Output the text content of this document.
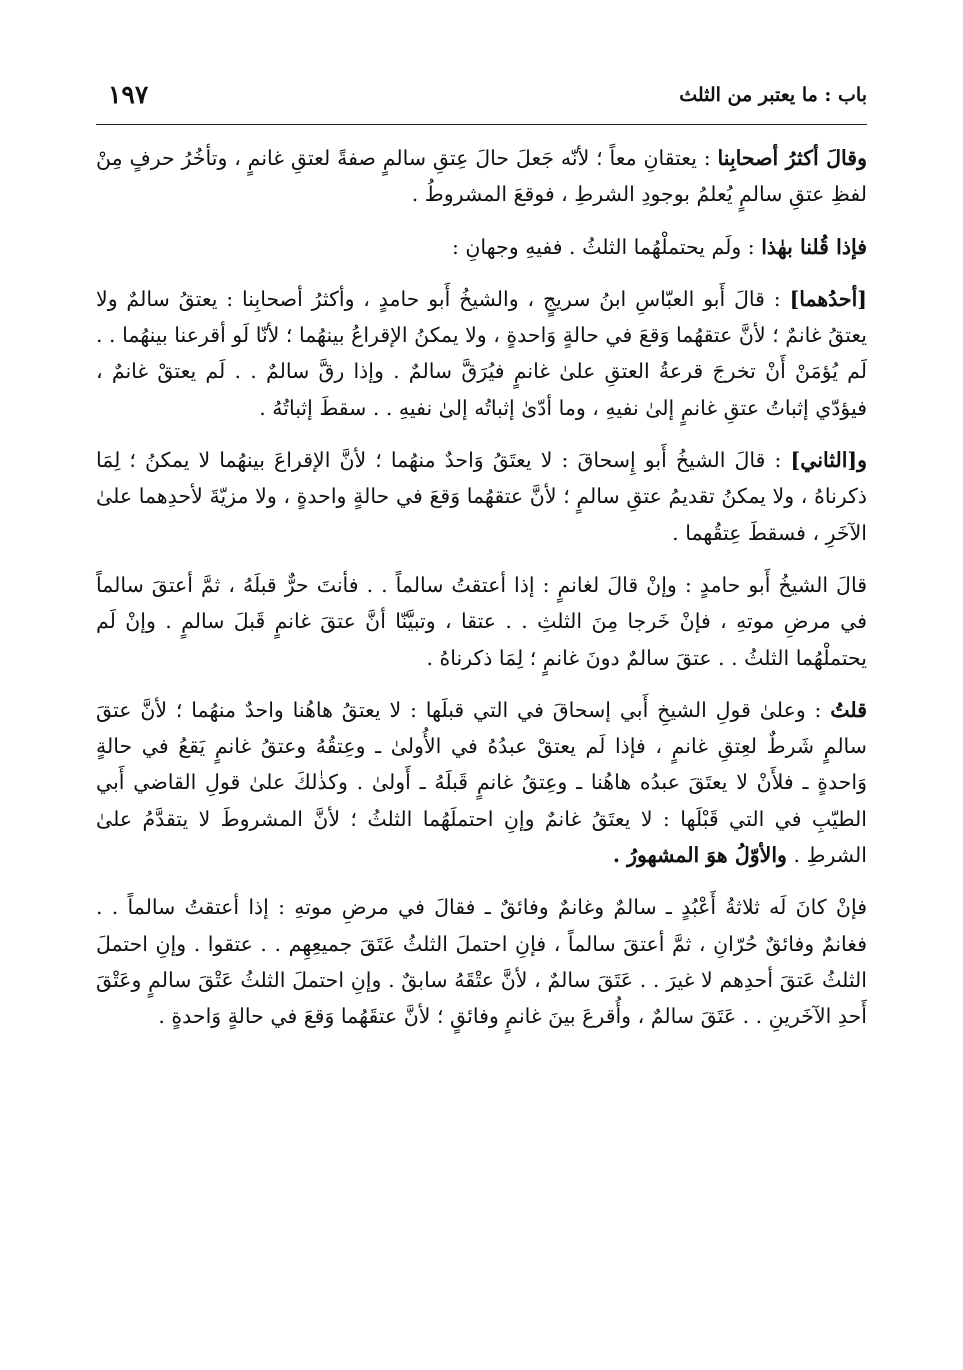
باب : ما يعتبر من الثلث
١٩٧

وقالَ أكثرُ أصحابِنا : يعتقانِ معاً ؛ لأنّه جَعلَ حالَ عِتقِ سالمٍ صفةً لعتقِ غانمٍ ، وتأخُرُ حرفٍ مِنْ لفظِ عتقِ سالمٍ يُعلمُ بوجودِ الشرطِ ، فوقعَ المشروطُ .

فإذا قُلنا بهٰذا : ولَم يحتملْهُما الثلثُ . ففيهِ وجهانِ :

[أحدُهما] : قالَ أَبو العبّاسِ ابنُ سريجٍ ، والشيخُ أَبو حامدٍ ، وأكثرُ أصحابِنا : يعتقُ سالمٌ ولا يعتقُ غانمٌ ؛ لأنَّ عتقهُما وَقعَ في حالةٍ وَاحدةٍ ، ولا يمكنُ الإقراعُ بينهُما ؛ لأنّا لَو أقرعنا بينهُما . . لَم يُؤمَنْ أَنْ تخرجَ قرعةُ العتقِ علىٰ غانمٍ فيُرَقَّ سالمٌ . وإذا رقَّ سالمٌ . . لَم يعتقْ غانمٌ ، فيؤدّي إثباتُ عتقِ غانمٍ إلىٰ نفيهِ ، وما أدّىٰ إثباتُه إلىٰ نفيهِ . . سقطَ إثباتُهُ .

و[الثاني] : قالَ الشيخُ أَبو إِسحاقَ : لا يعتَقُ وَاحدٌ منهُما ؛ لأنَّ الإقراعَ بينهُما لا يمكنُ ؛ لِمَا ذكرناهُ ، ولا يمكنُ تقديمُ عتقِ سالمٍ ؛ لأنَّ عتقهُما وَقعَ في حالةٍ واحدةٍ ، ولا مزيّةَ لأحدِهما علىٰ الآخَرِ ، فسقطَ عِتقُهما .

قالَ الشيخُ أَبو حامدٍ : وإنْ قالَ لغانمٍ : إذا أعتقتُ سالماً . . فأنتَ حرٌّ قبلَهُ ، ثمَّ أعتقَ سالماً في مرضِ موتهِ ، فإنْ خَرجا مِنَ الثلثِ . . عتقا ، وتبيَّنّا أنَّ عتقَ غانمٍ قَبلَ سالمٍ . وإنْ لَم يحتملْهُما الثلثُ . . عتقَ سالمٌ دونَ غانمٍ ؛ لِمَا ذكرناهُ .

قلتُ : وعلىٰ قولِ الشيخِ أَبي إسحاقَ في التي قبلَها : لا يعتقُ هاهُنا واحدٌ منهُما ؛ لأنَّ عتقَ سالمٍ شَرطٌ لعِتقِ غانمٍ ، فإذا لَم يعتقْ عبدُهُ في الأُولىٰ ـ وعِتقُهُ وعتقُ غانمٍ يَقعُ في حالةٍ وَاحدةٍ ـ فلأَنْ لا يعتَقَ عبدُه هاهُنا ـ وعِتقُ غانمٍ قَبلَهُ ـ أَولىٰ . وكذٰلكَ علىٰ قولِ القاضي أَبي الطيّبِ في التي قَبْلَها : لا يعتَقُ غانمٌ وإنِ احتملَهُما الثلثُ ؛ لأنَّ المشروطَ لا يتقدَّمُ علىٰ الشرطِ . والأوّلُ هوَ المشهورُ .

فإنْ كانَ لَه ثلاثةُ أَعْبُدٍ ـ سالمٌ وغانمٌ وفائقٌ ـ فقالَ في مرضِ موتهِ : إذا أعتقتُ سالماً . . فغانمٌ وفائقٌ حُرّانِ ، ثمَّ أعتقَ سالماً ، فإنِ احتملَ الثلثُ عَتَقَ جميعِهِم . . عتقوا . وإنِ احتملَ الثلثُ عَتقَ أحدِهم لا غيرَ . . عَتَقَ سالمٌ ، لأنَّ عتْقَهُ سابقٌ . وإنِ احتملَ الثلثُ عَتْقَ سالمٍ وعَتْقَ أَحدِ الآخَرينِ . . عَتَقَ سالمٌ ، وأُقرعَ بينَ غانمٍ وفائقٍ ؛ لأنَّ عتقَهُما وَقعَ في حالةٍ وَاحدةٍ .
